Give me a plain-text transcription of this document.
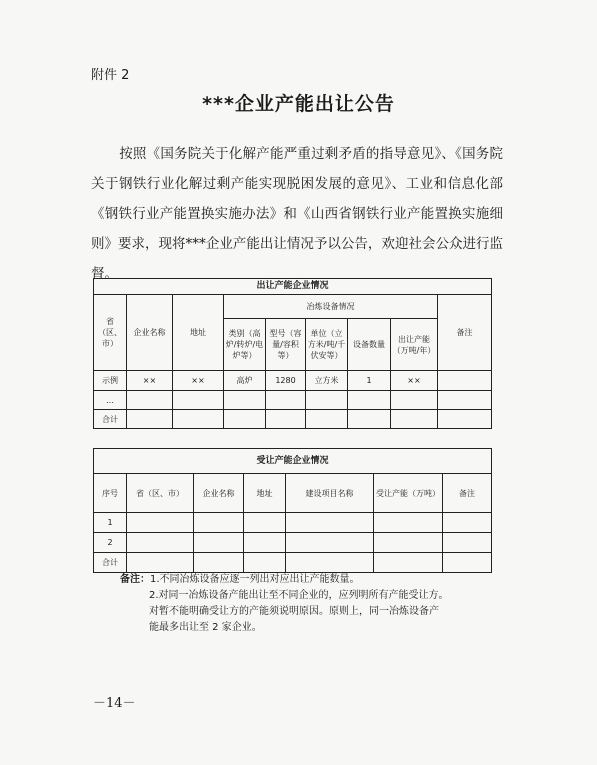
附件 2
***企业产能出让公告
按照《国务院关于化解产能严重过剩矛盾的指导意见》、《国务院关于钢铁行业化解过剩产能实现脱困发展的意见》、工业和信息化部《钢铁行业产能置换实施办法》和《山西省钢铁行业产能置换实施细则》要求，现将***企业产能出让情况予以公告，欢迎社会公众进行监督。
出让产能企业情况								
省（区、市）	企业名称	地址	冶炼设备情况					备注
			类别（高炉/转炉/电炉等）	型号（容量/容积等）	单位（立方米/吨/千伏安等）	设备数量	出让产能（万吨/年）	
示例	××	××	高炉	1280	立方米	1	××	
…								
合计								
受让产能企业情况						
序号	省（区、市）	企业名称	地址	建设项目名称	受让产能（万吨）	备注
1						
2						
合计						
备注：1.不同冶炼设备应逐一列出对应出让产能数量。
2.对同一冶炼设备产能出让至不同企业的，应列明所有产能受让方。
对暂不能明确受让方的产能须说明原因。原则上，同一冶炼设备产
能最多出让至 2 家企业。
－14－
